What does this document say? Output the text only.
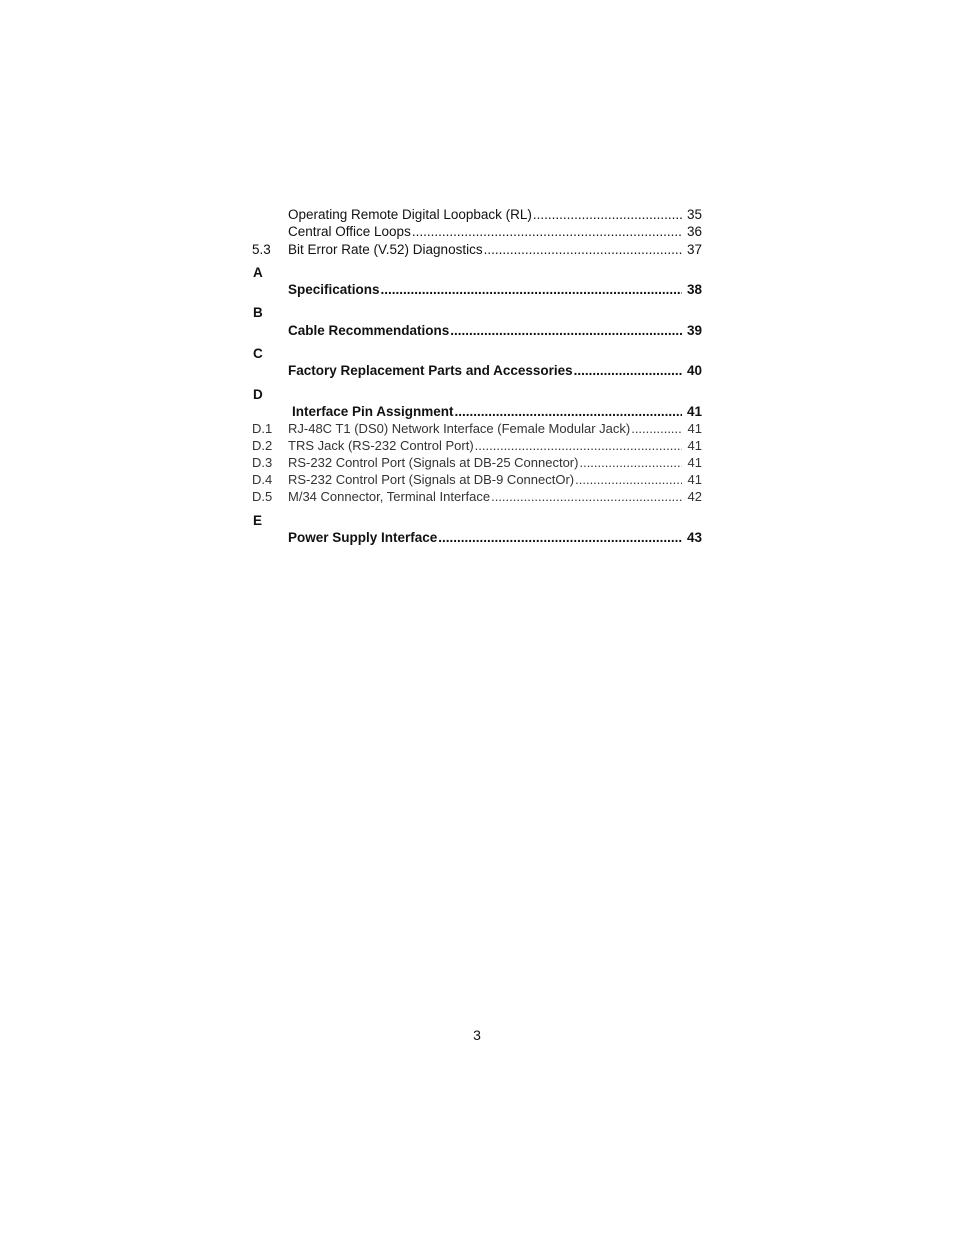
Operating Remote Digital Loopback (RL) .....	35
Central Office Loops .....	36
5.3	Bit Error Rate (V.52) Diagnostics .....	37
A
Specifications .....	38
B
Cable Recommendations .....	39
C
Factory Replacement Parts and Accessories .....	40
D
Interface Pin Assignment .....	41
D.1	RJ-48C T1 (DS0) Network Interface (Female Modular Jack) .....	41
D.2	TRS Jack (RS-232 Control Port) .....	41
D.3	RS-232 Control Port (Signals at DB-25 Connector) .....	41
D.4	RS-232 Control Port (Signals at DB-9 ConnectOr) .....	41
D.5	M/34 Connector, Terminal Interface .....	42
E
Power Supply Interface .....	43
3
